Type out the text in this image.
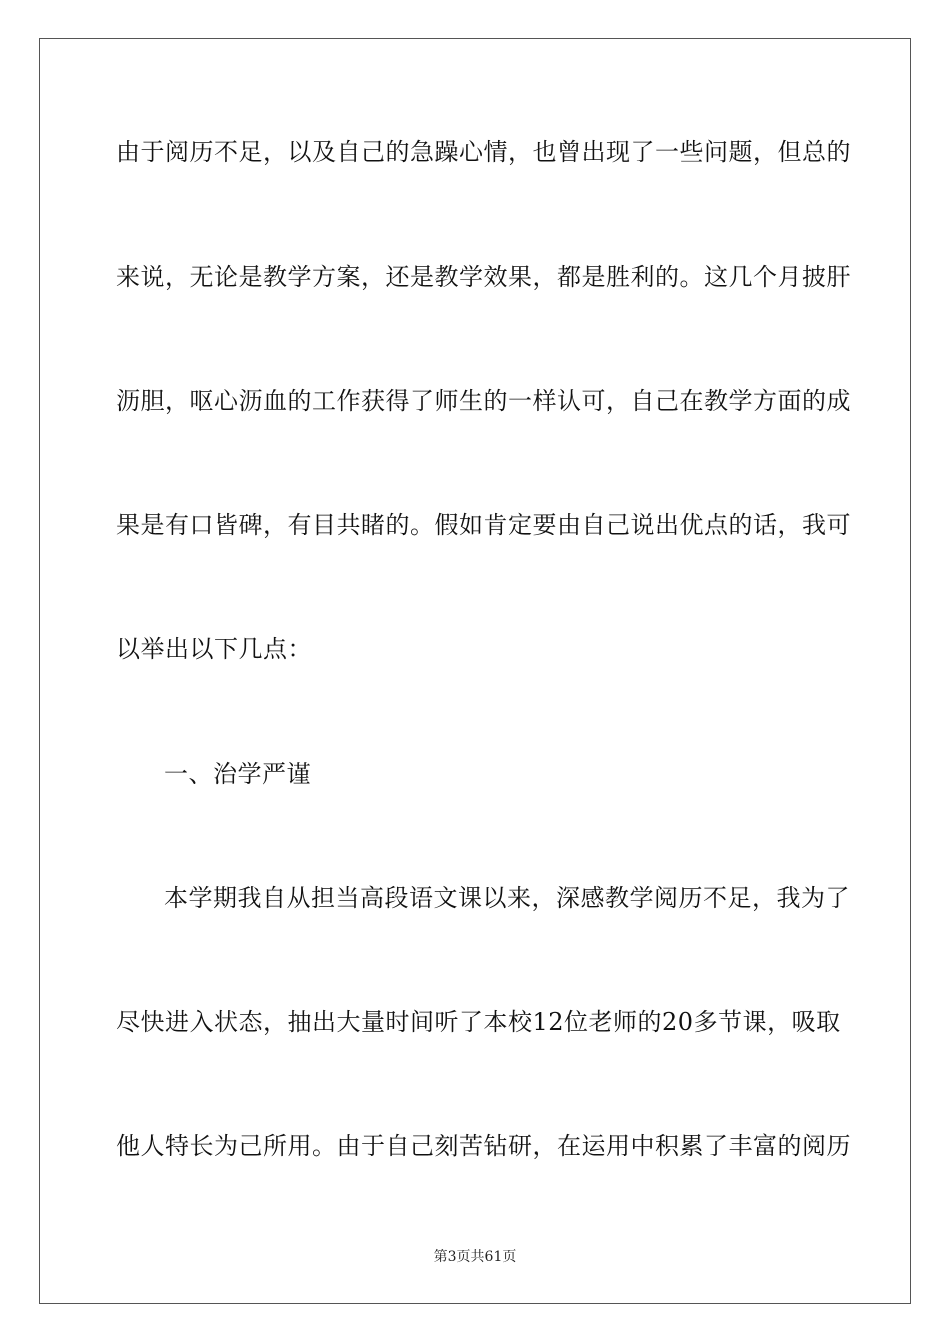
由于阅历不足，以及自己的急躁心情，也曾出现了一些问题，但总的
来说，无论是教学方案，还是教学效果，都是胜利的。这几个月披肝
沥胆，呕心沥血的工作获得了师生的一样认可，自己在教学方面的成
果是有口皆碑，有目共睹的。假如肯定要由自己说出优点的话，我可
以举出以下几点：
一、治学严谨
本学期我自从担当高段语文课以来，深感教学阅历不足，我为了
尽快进入状态，抽出大量时间听了本校12位老师的20多节课，吸取
他人特长为己所用。由于自己刻苦钻研，在运用中积累了丰富的阅历
第3页共61页
